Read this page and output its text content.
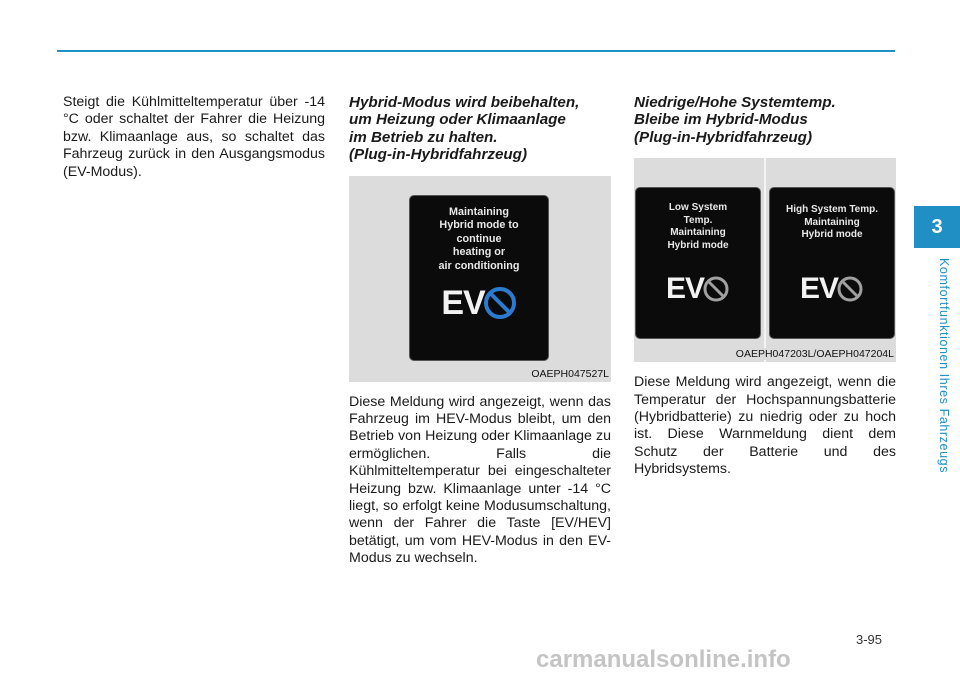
Steigt die Kühlmitteltemperatur über -14 °C oder schaltet der Fahrer die Heizung bzw. Klimaanlage aus, so schaltet das Fahrzeug zurück in den Ausgangsmodus (EV-Modus).

Hybrid-Modus wird beibehalten,
um Heizung oder Klimaanlage
im Betrieb zu halten.
(Plug-in-Hybridfahrzeug)
Maintaining
Hybrid mode to
continue
heating or
air conditioning
EV
OAEPH047527L

Diese Meldung wird angezeigt, wenn das Fahrzeug im HEV-Modus bleibt, um den Betrieb von Heizung oder Klimaanlage zu ermöglichen. Falls die Kühlmitteltemperatur bei eingeschalteter Heizung bzw. Klimaanlage unter -14 °C liegt, so erfolgt keine Modusumschaltung, wenn der Fahrer die Taste [EV/HEV] betätigt, um vom HEV-Modus in den EV-Modus zu wechseln.

Niedrige/Hohe Systemtemp.
Bleibe im Hybrid-Modus
(Plug-in-Hybridfahrzeug)
Low System
Temp.
Maintaining
Hybrid mode
EV
High System Temp.
Maintaining
Hybrid mode
EV
OAEPH047203L/OAEPH047204L

Diese Meldung wird angezeigt, wenn die Temperatur der Hochspannungsbatterie (Hybridbatterie) zu niedrig oder zu hoch ist. Diese Warnmeldung dient dem Schutz der Batterie und des Hybridsystems.

3
Komfortfunktionen Ihres Fahrzeugs
3-95
carmanualsonline.info
